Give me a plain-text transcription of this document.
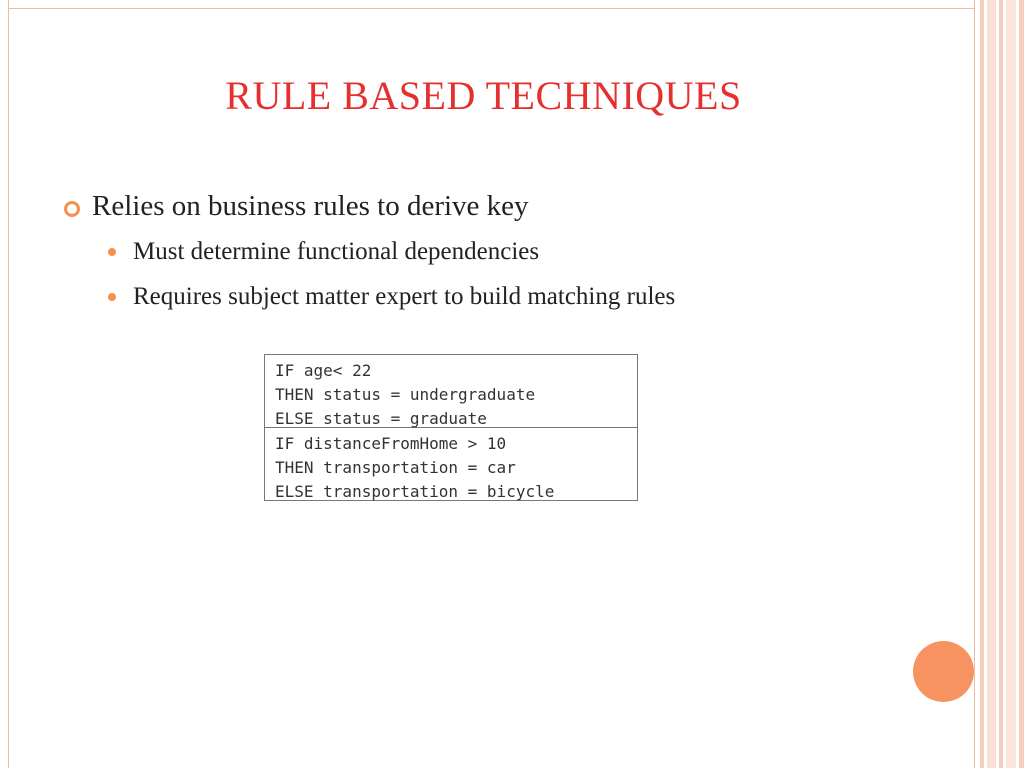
RULE BASED TECHNIQUES
Relies on business rules to derive key
Must determine functional dependencies
Requires subject matter expert to build matching rules
IF age< 22
THEN status = undergraduate
ELSE status = graduate
IF distanceFromHome > 10
THEN transportation = car
ELSE transportation = bicycle
